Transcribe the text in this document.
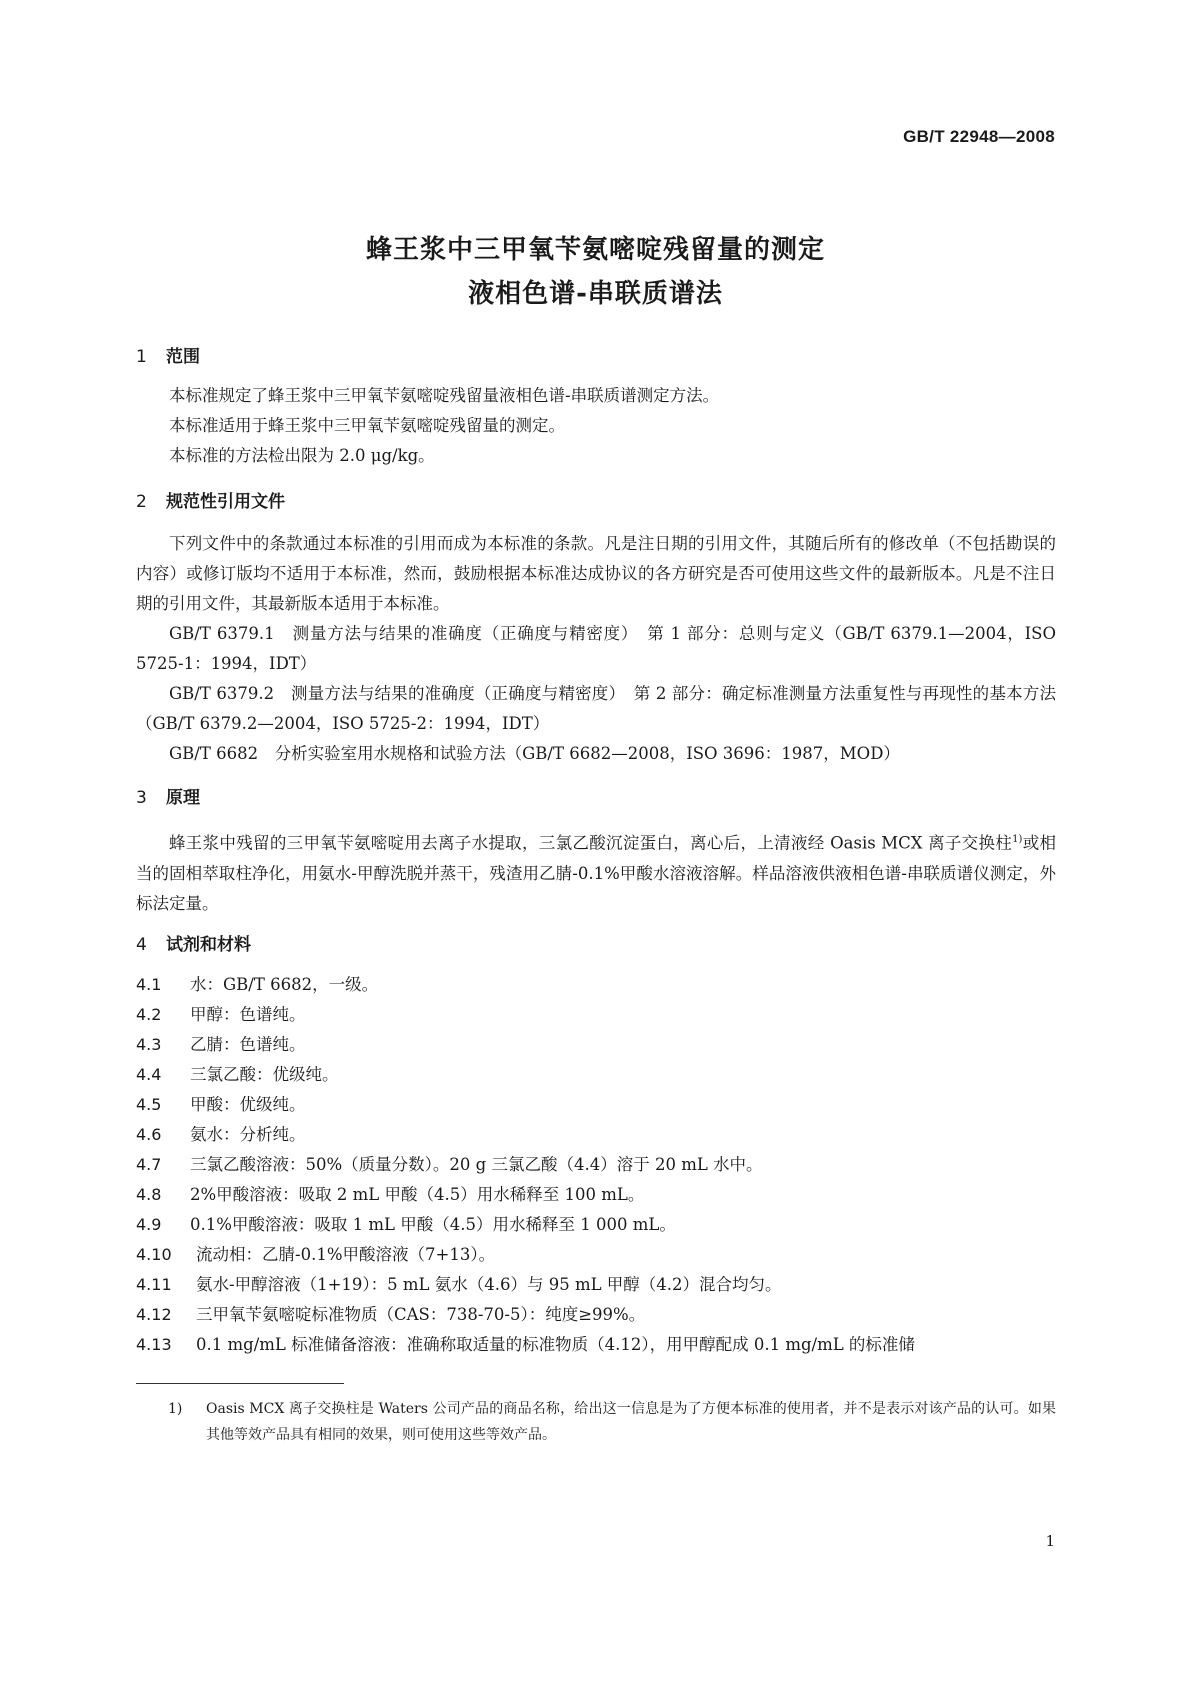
GB/T 22948—2008
蜂王浆中三甲氧苄氨嘧啶残留量的测定
液相色谱-串联质谱法
1 范围
本标准规定了蜂王浆中三甲氧苄氨嘧啶残留量液相色谱-串联质谱测定方法。
本标准适用于蜂王浆中三甲氧苄氨嘧啶残留量的测定。
本标准的方法检出限为 2.0 μg/kg。
2 规范性引用文件
下列文件中的条款通过本标准的引用而成为本标准的条款。凡是注日期的引用文件，其随后所有的修改单（不包括勘误的内容）或修订版均不适用于本标准，然而，鼓励根据本标准达成协议的各方研究是否可使用这些文件的最新版本。凡是不注日期的引用文件，其最新版本适用于本标准。
GB/T 6379.1　测量方法与结果的准确度（正确度与精密度）　第 1 部分：总则与定义（GB/T 6379.1—2004，ISO 5725-1：1994，IDT）
GB/T 6379.2　测量方法与结果的准确度（正确度与精密度）　第 2 部分：确定标准测量方法重复性与再现性的基本方法（GB/T 6379.2—2004，ISO 5725-2：1994，IDT）
GB/T 6682　分析实验室用水规格和试验方法（GB/T 6682—2008，ISO 3696：1987，MOD）
3 原理
蜂王浆中残留的三甲氧苄氨嘧啶用去离子水提取，三氯乙酸沉淀蛋白，离心后，上清液经 Oasis MCX 离子交换柱$^{1)}$或相当的固相萃取柱净化，用氨水-甲醇洗脱并蒸干，残渣用乙腈-0.1%甲酸水溶液溶解。样品溶液供液相色谱-串联质谱仪测定，外标法定量。
4 试剂和材料
4.1 水：GB/T 6682，一级。
4.2 甲醇：色谱纯。
4.3 乙腈：色谱纯。
4.4 三氯乙酸：优级纯。
4.5 甲酸：优级纯。
4.6 氨水：分析纯。
4.7 三氯乙酸溶液：50%（质量分数）。20 g 三氯乙酸（4.4）溶于 20 mL 水中。
4.8 2%甲酸溶液：吸取 2 mL 甲酸（4.5）用水稀释至 100 mL。
4.9 0.1%甲酸溶液：吸取 1 mL 甲酸（4.5）用水稀释至 1 000 mL。
4.10 流动相：乙腈-0.1%甲酸溶液（7+13）。
4.11 氨水-甲醇溶液（1+19）：5 mL 氨水（4.6）与 95 mL 甲醇（4.2）混合均匀。
4.12 三甲氧苄氨嘧啶标准物质（CAS：738-70-5）：纯度≥99%。
4.13 0.1 mg/mL 标准储备溶液：准确称取适量的标准物质（4.12），用甲醇配成 0.1 mg/mL 的标准储
1)	Oasis MCX 离子交换柱是 Waters 公司产品的商品名称，给出这一信息是为了方便本标准的使用者，并不是表示对该产品的认可。如果其他等效产品具有相同的效果，则可使用这些等效产品。
1
